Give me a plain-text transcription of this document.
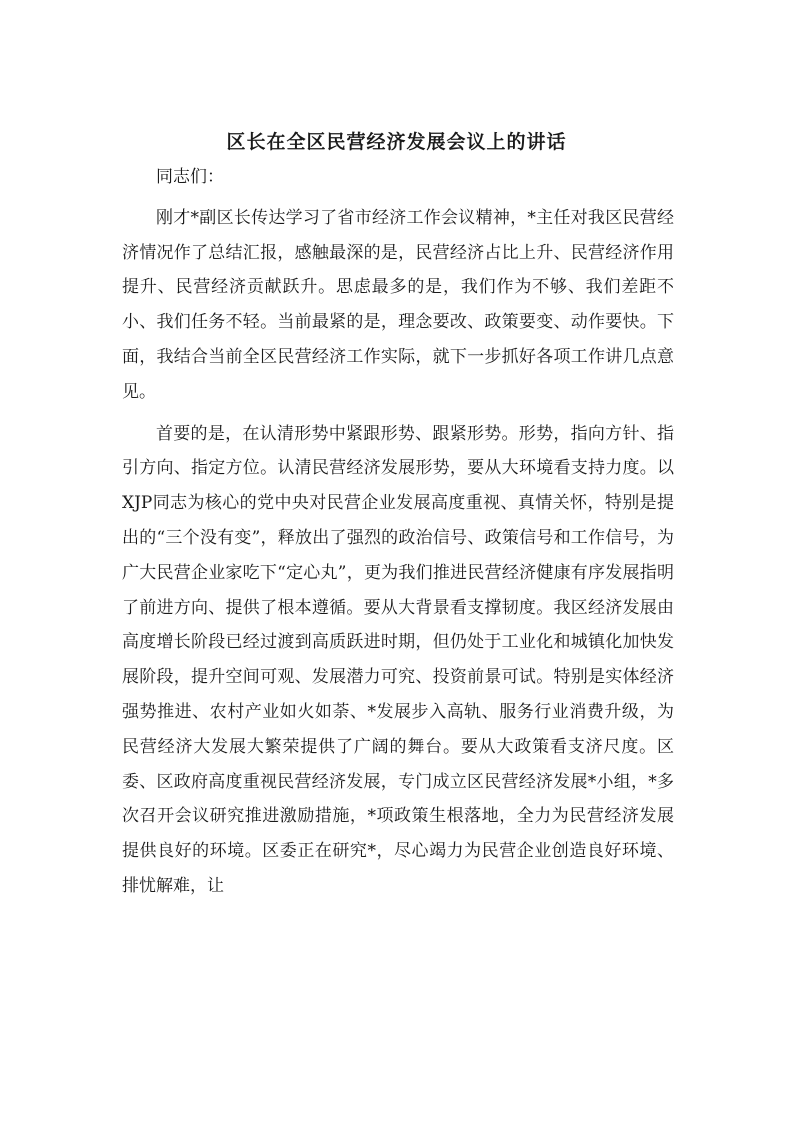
区长在全区民营经济发展会议上的讲话

同志们：

刚才*副区长传达学习了省市经济工作会议精神，*主任对我区民营经济情况作了总结汇报，感触最深的是，民营经济占比上升、民营经济作用提升、民营经济贡献跃升。思虑最多的是，我们作为不够、我们差距不小、我们任务不轻。当前最紧的是，理念要改、政策要变、动作要快。下面，我结合当前全区民营经济工作实际，就下一步抓好各项工作讲几点意见。

首要的是，在认清形势中紧跟形势、跟紧形势。形势，指向方针、指引方向、指定方位。认清民营经济发展形势，要从大环境看支持力度。以XJP同志为核心的党中央对民营企业发展高度重视、真情关怀，特别是提出的“三个没有变”，释放出了强烈的政治信号、政策信号和工作信号，为广大民营企业家吃下“定心丸”，更为我们推进民营经济健康有序发展指明了前进方向、提供了根本遵循。要从大背景看支撑韧度。我区经济发展由高度增长阶段已经过渡到高质跃进时期，但仍处于工业化和城镇化加快发展阶段，提升空间可观、发展潜力可究、投资前景可试。特别是实体经济强势推进、农村产业如火如荼、*发展步入高轨、服务行业消费升级，为民营经济大发展大繁荣提供了广阔的舞台。要从大政策看支济尺度。区委、区政府高度重视民营经济发展，专门成立区民营经济发展*小组，*多次召开会议研究推进激励措施，*项政策生根落地，全力为民营经济发展提供良好的环境。区委正在研究*，尽心竭力为民营企业创造良好环境、排忧解难，让
